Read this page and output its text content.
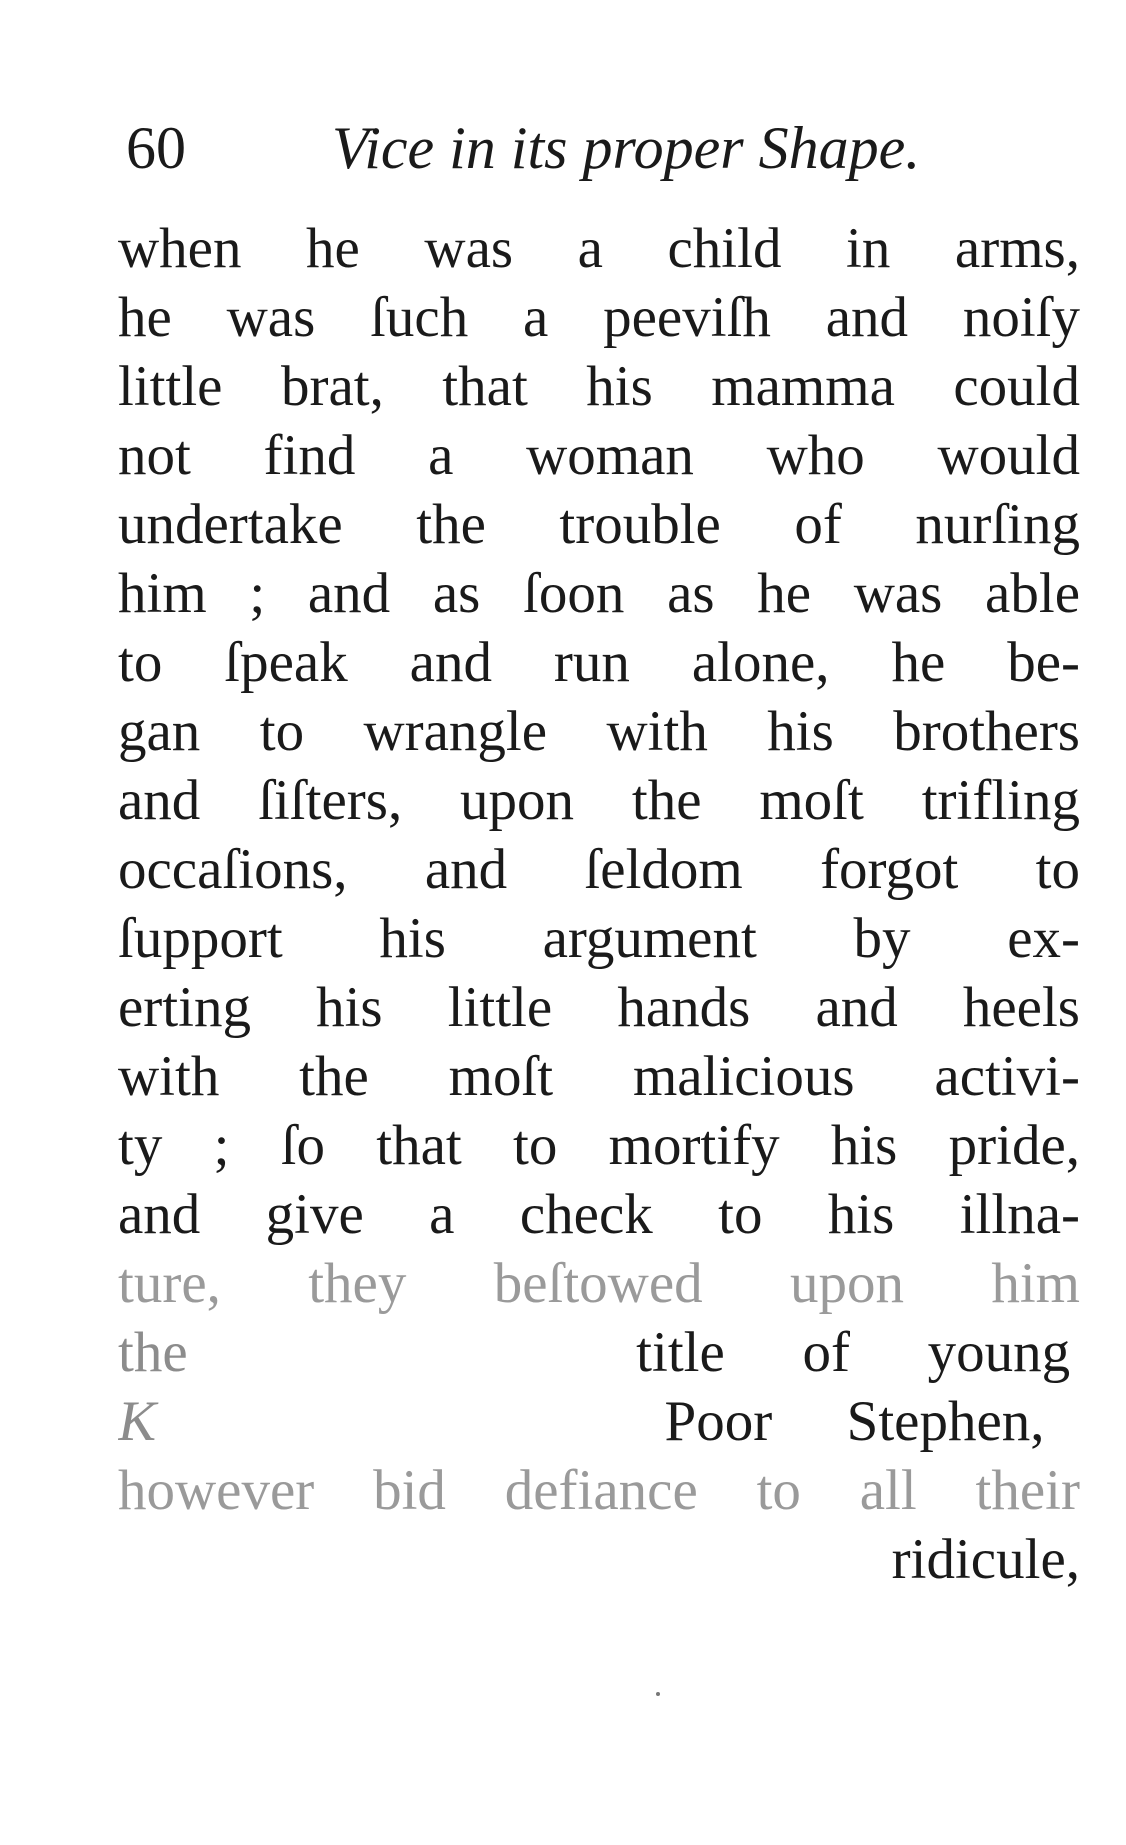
60 Vice in its proper Shape.
when he was a child in arms,
he was ſuch a peeviſh and noiſy
little brat, that his mamma could
not find a woman who would
undertake the trouble of nurſing
him ; and as ſoon as he was able
to ſpeak and run alone, he be-
gan to wrangle with his brothers
and ſiſters, upon the moſt trifling
occaſions, and ſeldom forgot to
ſupport his argument by ex-
erting his little hands and heels
with the moſt malicious activi-
ty ; ſo that to mortify his pride,
and give a check to his illna-
ture, they beſtowed upon him
the	title of young
K	Poor Stephen,
however bid defiance to all their
ridicule,
